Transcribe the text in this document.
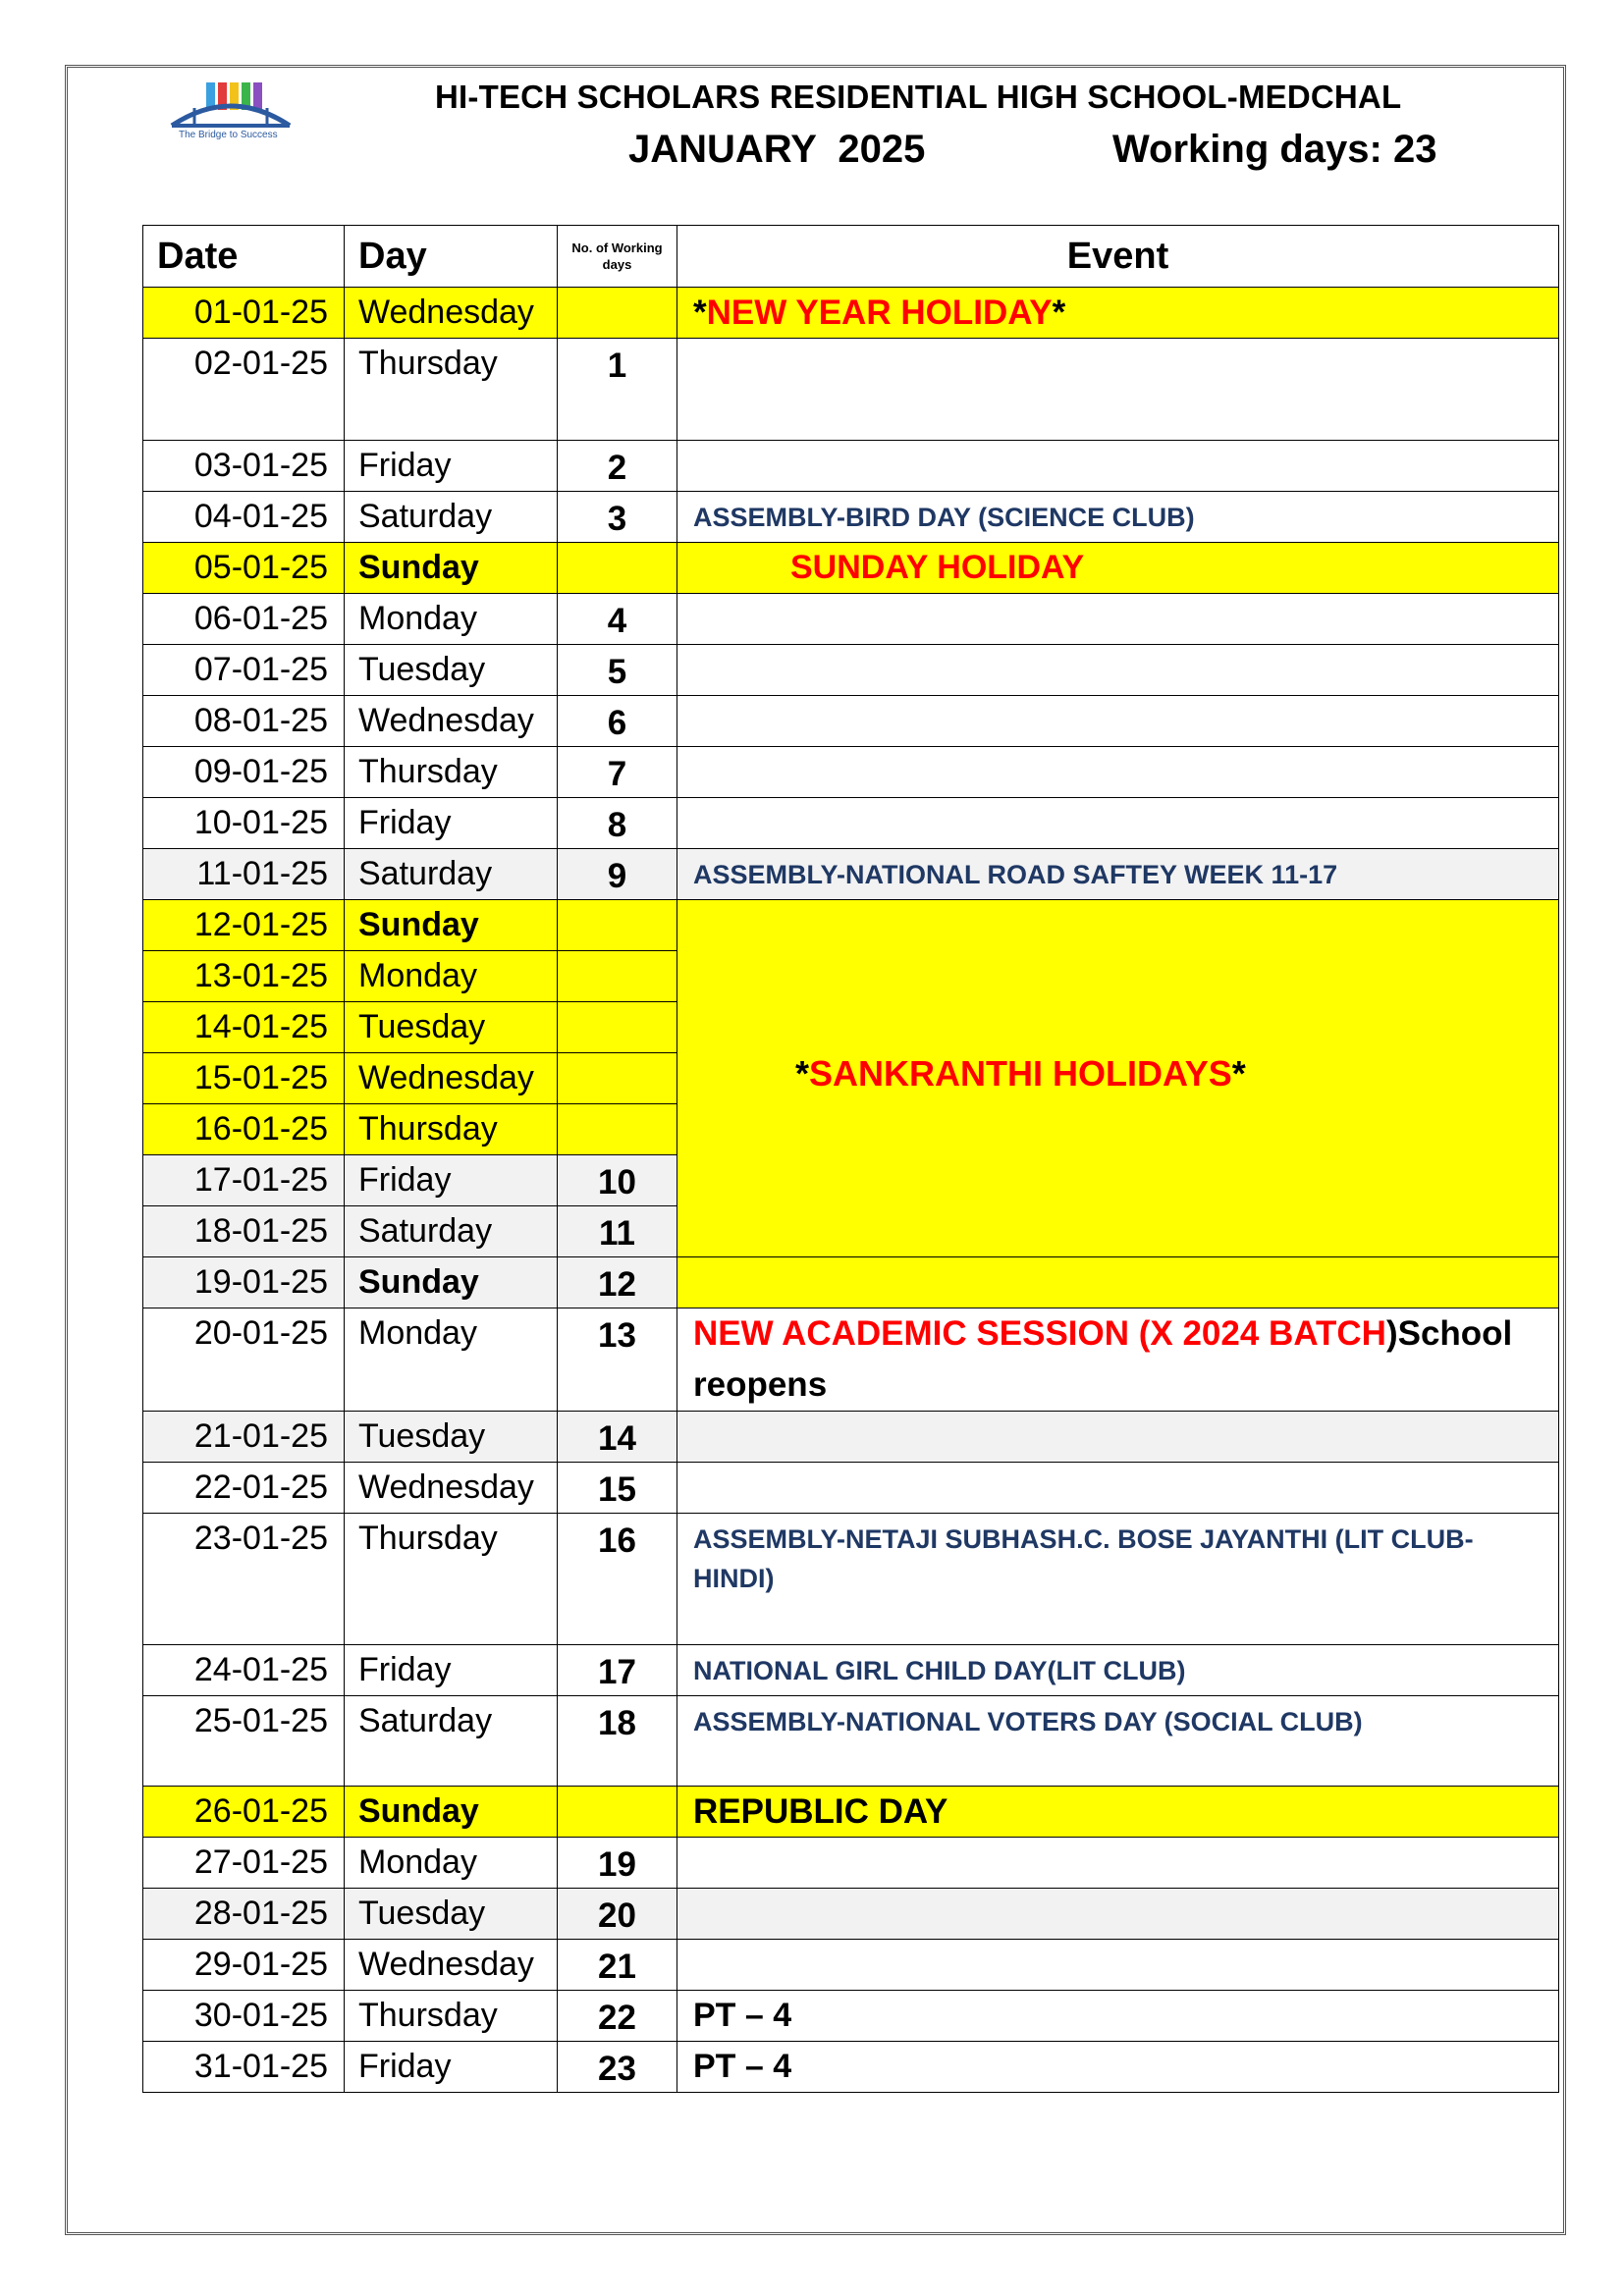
The Bridge to Success
HI-TECH SCHOLARS RESIDENTIAL HIGH SCHOOL-MEDCHAL
JANUARY  2025	Working days: 23
Date	Day	No. of Working days	Event
01-01-25	Wednesday		*NEW YEAR HOLIDAY*
02-01-25	Thursday	1	
03-01-25	Friday	2	
04-01-25	Saturday	3	ASSEMBLY-BIRD DAY (SCIENCE CLUB)
05-01-25	Sunday		SUNDAY HOLIDAY
06-01-25	Monday	4	
07-01-25	Tuesday	5	
08-01-25	Wednesday	6	
09-01-25	Thursday	7	
10-01-25	Friday	8	
11-01-25	Saturday	9	ASSEMBLY-NATIONAL ROAD SAFTEY WEEK 11-17
12-01-25	Sunday		*SANKRANTHI HOLIDAYS*
13-01-25	Monday		
14-01-25	Tuesday		
15-01-25	Wednesday		
16-01-25	Thursday		
17-01-25	Friday	10	
18-01-25	Saturday	11	
19-01-25	Sunday	12	
20-01-25	Monday	13	NEW ACADEMIC SESSION (X 2024 BATCH)School reopens
21-01-25	Tuesday	14	
22-01-25	Wednesday	15	
23-01-25	Thursday	16	ASSEMBLY-NETAJI SUBHASH.C. BOSE JAYANTHI (LIT CLUB-HINDI)
24-01-25	Friday	17	NATIONAL GIRL CHILD DAY(LIT CLUB)
25-01-25	Saturday	18	ASSEMBLY-NATIONAL VOTERS DAY (SOCIAL CLUB)
26-01-25	Sunday		REPUBLIC DAY
27-01-25	Monday	19	
28-01-25	Tuesday	20	
29-01-25	Wednesday	21	
30-01-25	Thursday	22	PT – 4
31-01-25	Friday	23	PT – 4
